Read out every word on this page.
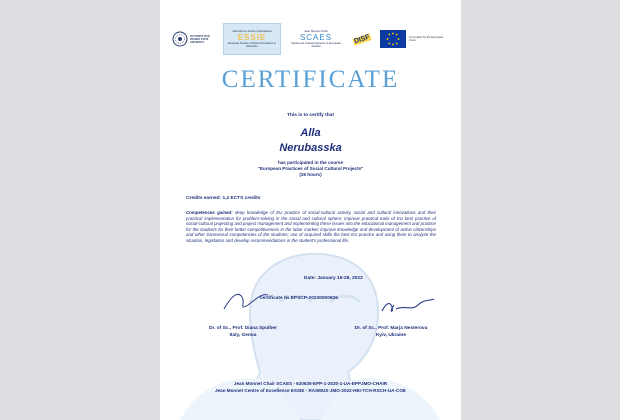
ZHYTOMYR IVAN FRANKO STATE UNIVERSITY
Jean Monnet Centre of Excellence
ESSIE
European Studies of Social Innovations in Education
Jean Monnet Chair
SCAES
Social and Cultural Aspects of European Studies
DISF	Co-funded by the European Union
CERTIFICATE
This is to certify that
Alla
Nerubasska
has participated in the course
"European Practices of Social Cultural Projects"
(36 hours)
Credits earned: 1,2 ECTS credits
Competences gained: deep knowledge of EU practice of social-cultural activity, social and cultural innovations and their practical implementation for problem-solving in the social and cultural sphere; improve practical tools of EU best practice of social-cultural projecting and project management and implementing these issues into the educational management and practice for the students for their better competitiveness in the labor market; improve knowledge and development of active citizenships and other transversal competencies of the students; use of acquired skills the best EU practice and using them to analyze the situation, legislation and develop recommendations in the student's professional life.
Date: January 16-28, 2023
certificate № EPSCP-20230000626
Dr. of Sc., Prof. Diana Spulber
Italy, Genoa
Dr. of Sc., Prof. Marja Nesterova
Kyiv, Ukraine
Jean Monnet Chair SCAES - 620635-EPP-1-2020-1-UA-EPPJMO-CHAIR
Jean Monnet Centre of Excellence ESSIE - RASMUS-JMO-2022-HEI-TCH-RSCH-UA-COE
